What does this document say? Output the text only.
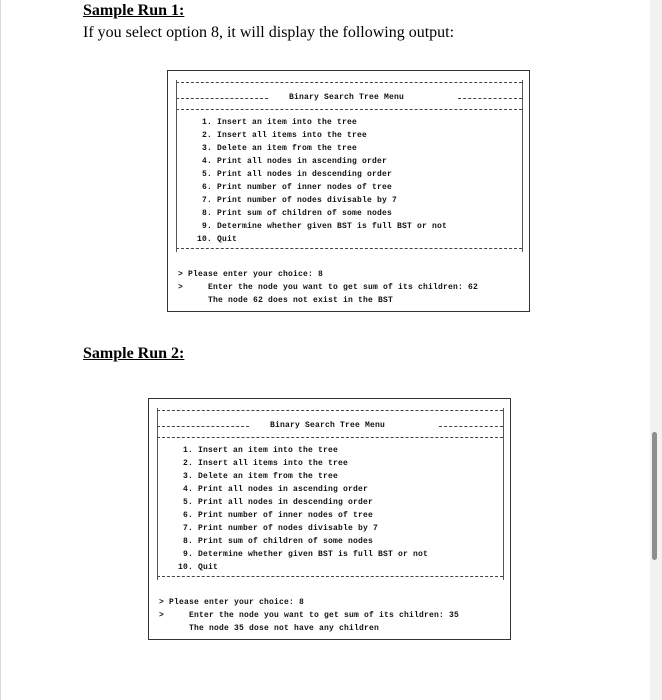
Sample Run 1:
If you select option 8, it will display the following output:
Binary Search Tree Menu
1. Insert an item into the tree
2. Insert all items into the tree
3. Delete an item from the tree
4. Print all nodes in ascending order
5. Print all nodes in descending order
6. Print number of inner nodes of tree
7. Print number of nodes divisable by 7
8. Print sum of children of some nodes
9. Determine whether given BST is full BST or not
10. Quit
> Please enter your choice: 8
>     Enter the node you want to get sum of its children: 62
The node 62 does not exist in the BST
Sample Run 2:
Binary Search Tree Menu
1. Insert an item into the tree
2. Insert all items into the tree
3. Delete an item from the tree
4. Print all nodes in ascending order
5. Print all nodes in descending order
6. Print number of inner nodes of tree
7. Print number of nodes divisable by 7
8. Print sum of children of some nodes
9. Determine whether given BST is full BST or not
10. Quit
> Please enter your choice: 8
>     Enter the node you want to get sum of its children: 35
The node 35 dose not have any children
